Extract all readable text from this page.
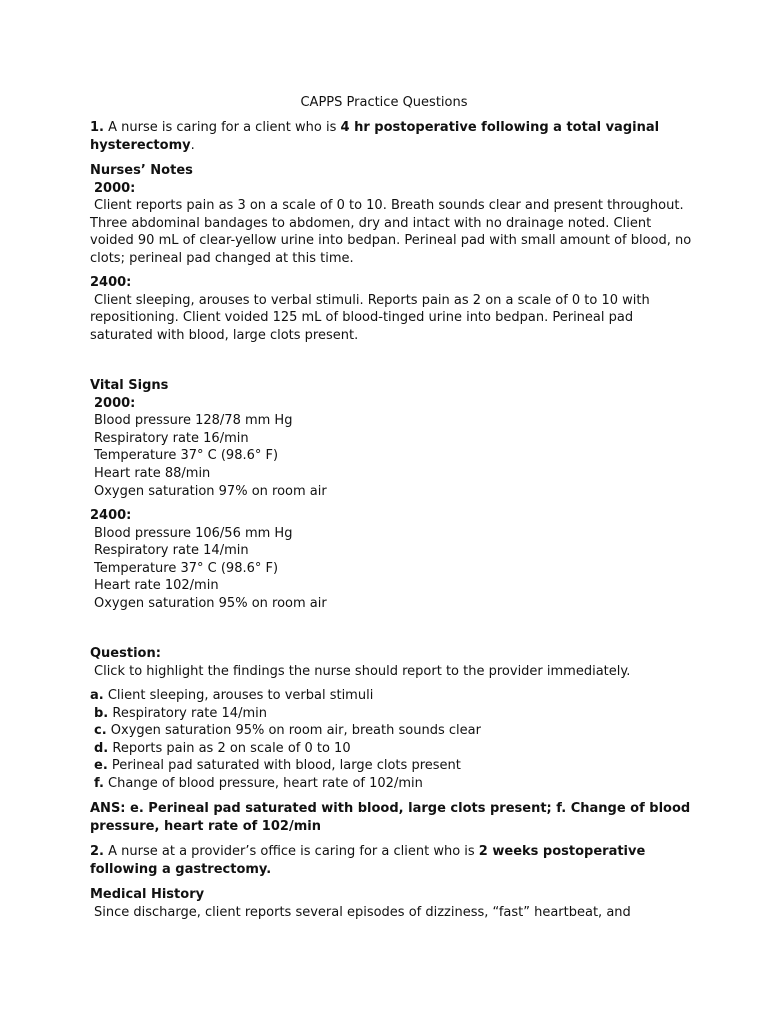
CAPPS Practice Questions
1. A nurse is caring for a client who is 4 hr postoperative following a total vaginal
hysterectomy.
Nurses’ Notes
2000:
Client reports pain as 3 on a scale of 0 to 10. Breath sounds clear and present throughout.
Three abdominal bandages to abdomen, dry and intact with no drainage noted. Client
voided 90 mL of clear-yellow urine into bedpan. Perineal pad with small amount of blood, no
clots; perineal pad changed at this time.
2400:
Client sleeping, arouses to verbal stimuli. Reports pain as 2 on a scale of 0 to 10 with
repositioning. Client voided 125 mL of blood-tinged urine into bedpan. Perineal pad
saturated with blood, large clots present.
Vital Signs
2000:
Blood pressure 128/78 mm Hg
Respiratory rate 16/min
Temperature 37° C (98.6° F)
Heart rate 88/min
Oxygen saturation 97% on room air
2400:
Blood pressure 106/56 mm Hg
Respiratory rate 14/min
Temperature 37° C (98.6° F)
Heart rate 102/min
Oxygen saturation 95% on room air
Question:
Click to highlight the findings the nurse should report to the provider immediately.
a. Client sleeping, arouses to verbal stimuli
b. Respiratory rate 14/min
c. Oxygen saturation 95% on room air, breath sounds clear
d. Reports pain as 2 on scale of 0 to 10
e. Perineal pad saturated with blood, large clots present
f. Change of blood pressure, heart rate of 102/min
ANS: e. Perineal pad saturated with blood, large clots present; f. Change of blood
pressure, heart rate of 102/min
2. A nurse at a provider’s office is caring for a client who is 2 weeks postoperative
following a gastrectomy.
Medical History
Since discharge, client reports several episodes of dizziness, “fast” heartbeat, and
